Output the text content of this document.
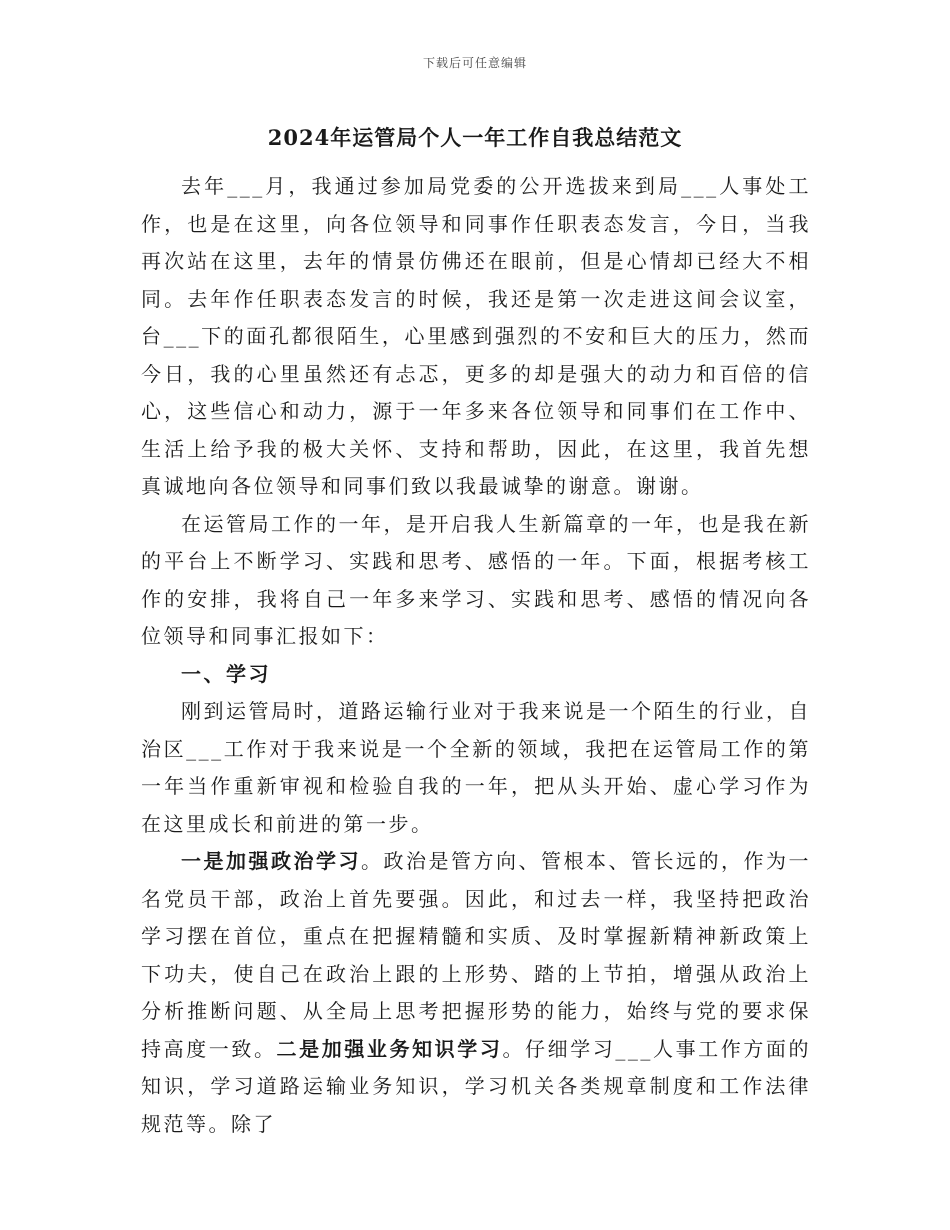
下载后可任意编辑
2024年运管局个人一年工作自我总结范文

去年___月，我通过参加局党委的公开选拔来到局___人事处工作，也是在这里，向各位领导和同事作任职表态发言，今日，当我再次站在这里，去年的情景仿佛还在眼前，但是心情却已经大不相同。去年作任职表态发言的时候，我还是第一次走进这间会议室，台___下的面孔都很陌生，心里感到强烈的不安和巨大的压力，然而今日，我的心里虽然还有忐忑，更多的却是强大的动力和百倍的信心，这些信心和动力，源于一年多来各位领导和同事们在工作中、生活上给予我的极大关怀、支持和帮助，因此，在这里，我首先想真诚地向各位领导和同事们致以我最诚挚的谢意。谢谢。

在运管局工作的一年，是开启我人生新篇章的一年，也是我在新的平台上不断学习、实践和思考、感悟的一年。下面，根据考核工作的安排，我将自己一年多来学习、实践和思考、感悟的情况向各位领导和同事汇报如下：

一、学习

刚到运管局时，道路运输行业对于我来说是一个陌生的行业，自治区___工作对于我来说是一个全新的领域，我把在运管局工作的第一年当作重新审视和检验自我的一年，把从头开始、虚心学习作为在这里成长和前进的第一步。

一是加强政治学习。政治是管方向、管根本、管长远的，作为一名党员干部，政治上首先要强。因此，和过去一样，我坚持把政治学习摆在首位，重点在把握精髓和实质、及时掌握新精神新政策上下功夫，使自己在政治上跟的上形势、踏的上节拍，增强从政治上分析推断问题、从全局上思考把握形势的能力，始终与党的要求保持高度一致。二是加强业务知识学习。仔细学习___人事工作方面的知识，学习道路运输业务知识，学习机关各类规章制度和工作法律规范等。除了
